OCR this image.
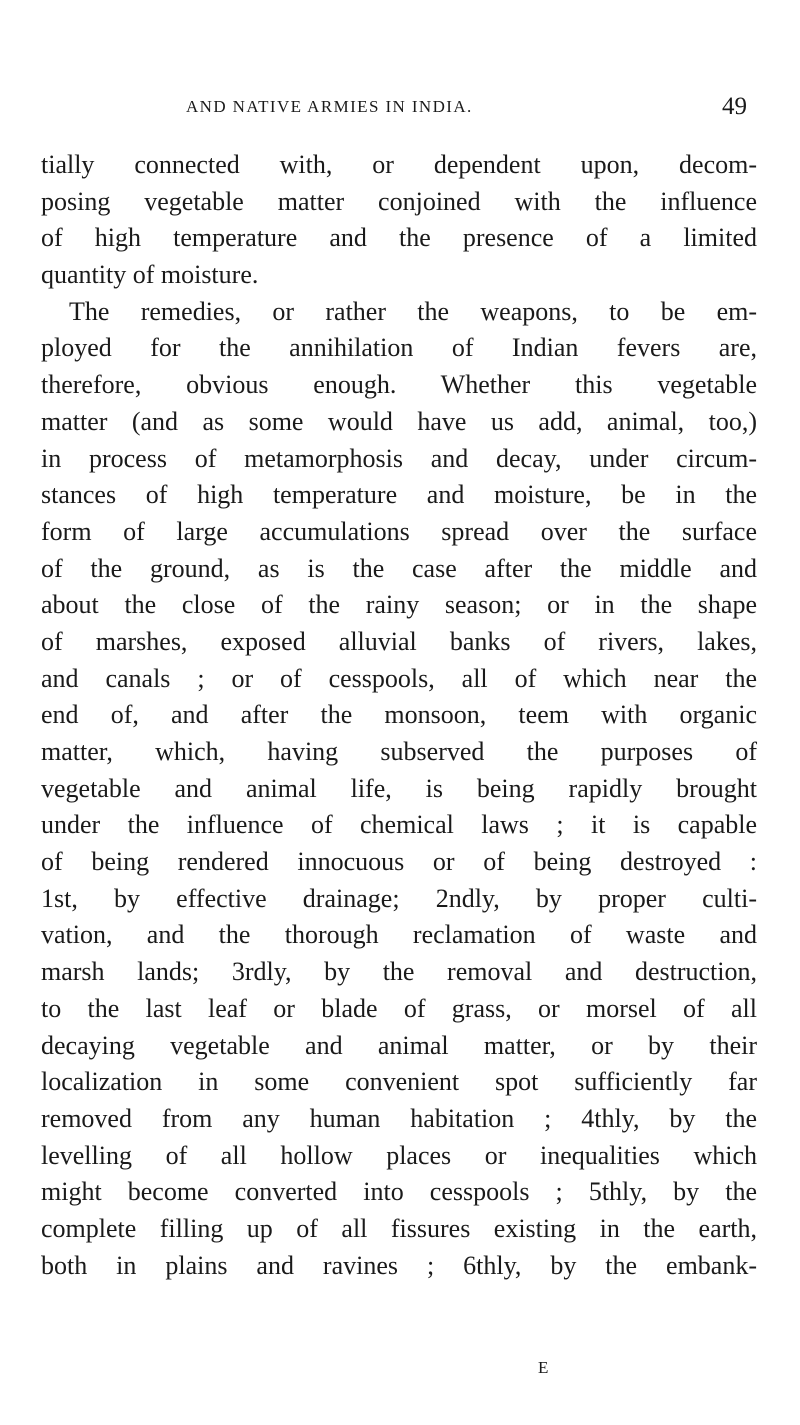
AND NATIVE ARMIES IN INDIA.	49
tially connected with, or dependent upon, decom-
posing vegetable matter conjoined with the influence
of high temperature and the presence of a limited
quantity of moisture.
The remedies, or rather the weapons, to be em-
ployed for the annihilation of Indian fevers are,
therefore, obvious enough. Whether this vegetable
matter (and as some would have us add, animal, too,)
in process of metamorphosis and decay, under circum-
stances of high temperature and moisture, be in the
form of large accumulations spread over the surface
of the ground, as is the case after the middle and
about the close of the rainy season; or in the shape
of marshes, exposed alluvial banks of rivers, lakes,
and canals ; or of cesspools, all of which near the
end of, and after the monsoon, teem with organic
matter, which, having subserved the purposes of
vegetable and animal life, is being rapidly brought
under the influence of chemical laws ; it is capable
of being rendered innocuous or of being destroyed :
1st, by effective drainage; 2ndly, by proper culti-
vation, and the thorough reclamation of waste and
marsh lands; 3rdly, by the removal and destruction,
to the last leaf or blade of grass, or morsel of all
decaying vegetable and animal matter, or by their
localization in some convenient spot sufficiently far
removed from any human habitation ; 4thly, by the
levelling of all hollow places or inequalities which
might become converted into cesspools ; 5thly, by the
complete filling up of all fissures existing in the earth,
both in plains and ravines ; 6thly, by the embank-
E
